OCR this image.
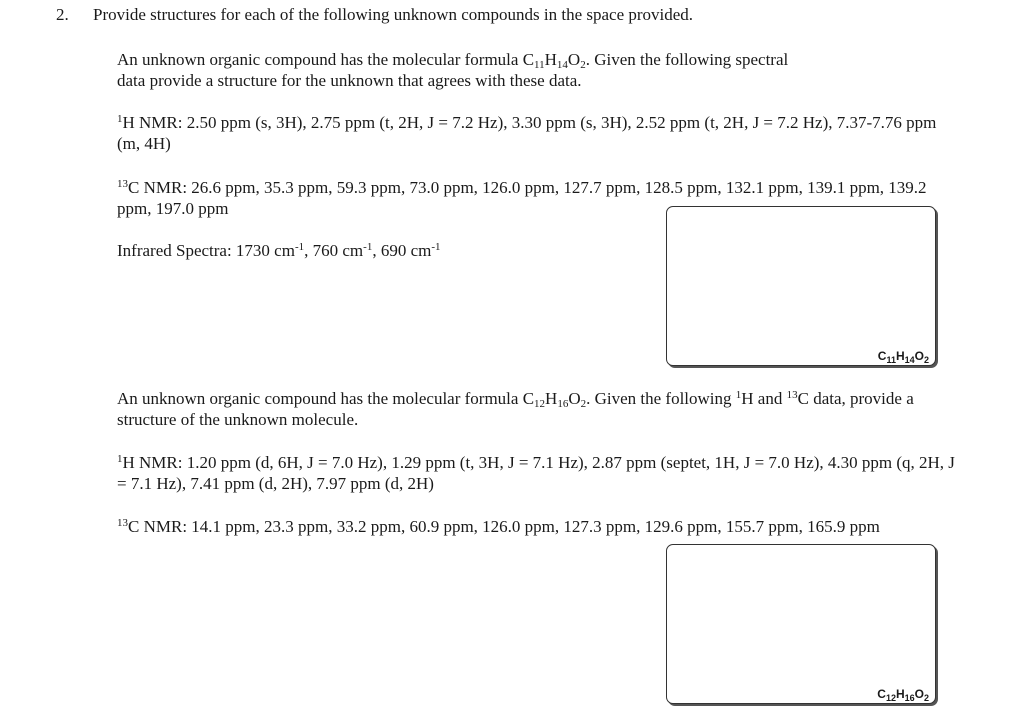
2. Provide structures for each of the following unknown compounds in the space provided.
An unknown organic compound has the molecular formula $C_{11}H_{14}O_2$. Given the following spectral data provide a structure for the unknown that agrees with these data.
$^1$H NMR: 2.50 ppm (s, 3H), 2.75 ppm (t, 2H, J = 7.2 Hz), 3.30 ppm (s, 3H), 2.52 ppm (t, 2H, J = 7.2 Hz), 7.37-7.76 ppm (m, 4H)
$^{13}$C NMR: 26.6 ppm, 35.3 ppm, 59.3 ppm, 73.0 ppm, 126.0 ppm, 127.7 ppm, 128.5 ppm, 132.1 ppm, 139.1 ppm, 139.2 ppm, 197.0 ppm
Infrared Spectra: 1730 $cm^{-1}$, 760 $cm^{-1}$, 690 $cm^{-1}$
$C_{11}H_{14}O_2$
An unknown organic compound has the molecular formula $C_{12}H_{16}O_2$. Given the following $^1$H and $^{13}$C data, provide a structure of the unknown molecule.
$^1$H NMR: 1.20 ppm (d, 6H, J = 7.0 Hz), 1.29 ppm (t, 3H, J = 7.1 Hz), 2.87 ppm (septet, 1H, J = 7.0 Hz), 4.30 ppm (q, 2H, J = 7.1 Hz), 7.41 ppm (d, 2H), 7.97 ppm (d, 2H)
$^{13}$C NMR: 14.1 ppm, 23.3 ppm, 33.2 ppm, 60.9 ppm, 126.0 ppm, 127.3 ppm, 129.6 ppm, 155.7 ppm, 165.9 ppm
$C_{12}H_{16}O_2$
